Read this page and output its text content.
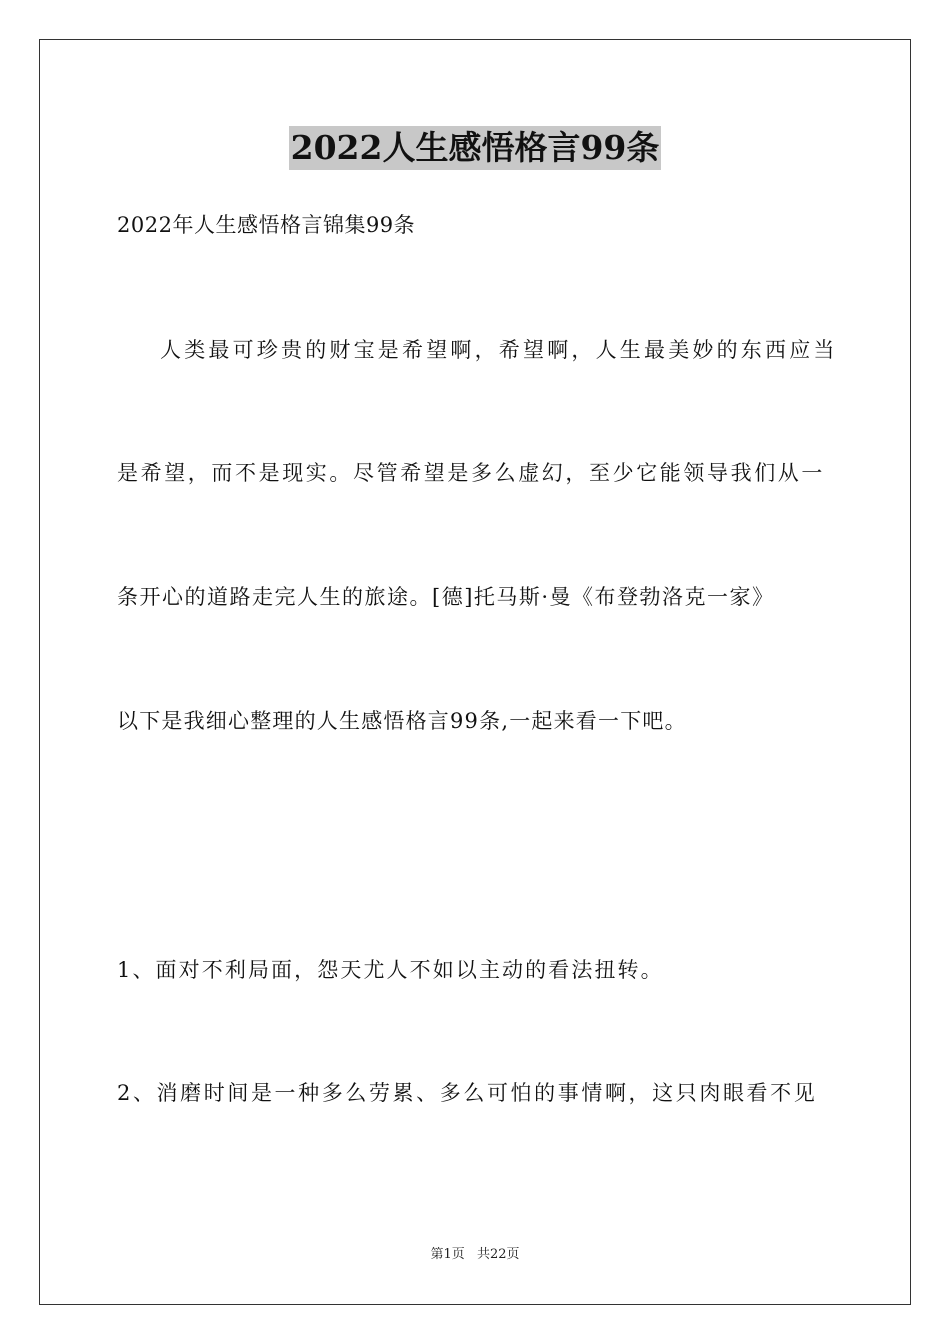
2022人生感悟格言99条
2022年人生感悟格言锦集99条
人类最可珍贵的财宝是希望啊，希望啊，人生最美妙的东西应当
是希望，而不是现实。尽管希望是多么虚幻，至少它能领导我们从一
条开心的道路走完人生的旅途。[德]托马斯·曼《布登勃洛克一家》
以下是我细心整理的人生感悟格言99条,一起来看一下吧。
1、面对不利局面，怨天尤人不如以主动的看法扭转。
2、消磨时间是一种多么劳累、多么可怕的事情啊，这只肉眼看不见
第1页 共22页
